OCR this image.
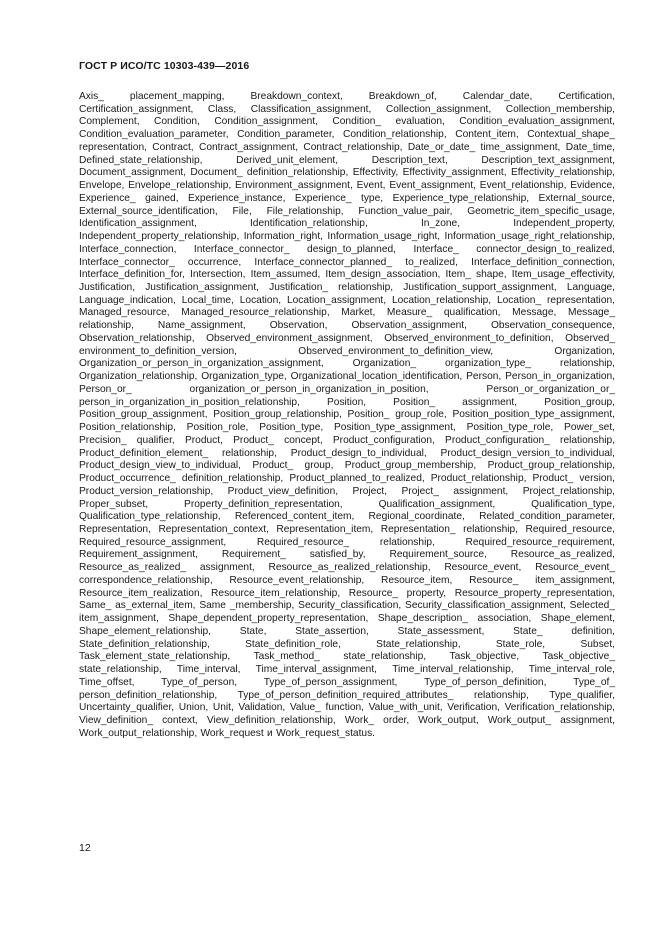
ГОСТ Р ИСО/ТС 10303-439—2016
Axis_ placement_mapping, Breakdown_context, Breakdown_of, Calendar_date, Certification, Certification_assignment, Class, Classification_assignment, Collection_assignment, Collection_membership, Complement, Condition, Condition_assignment, Condition_ evaluation, Condition_evaluation_assignment, Condition_evaluation_parameter, Condition_parameter, Condition_relationship, Content_item, Contextual_shape_ representation, Contract, Contract_assignment, Contract_relationship, Date_or_date_ time_assignment, Date_time, Defined_state_relationship, Derived_unit_element, Description_text, Description_text_assignment, Document_assignment, Document_ definition_relationship, Effectivity, Effectivity_assignment, Effectivity_relationship, Envelope, Envelope_relationship, Environment_assignment, Event, Event_assignment, Event_relationship, Evidence, Experience_ gained, Experience_instance, Experience_ type, Experience_type_relationship, External_source, External_source_identification, File, File_relationship, Function_value_pair, Geometric_item_specific_usage, Identification_assignment, Identification_relationship, In_zone, Independent_property, Independent_property_relationship, Information_right, Information_usage_right, Information_usage_right_relationship, Interface_connection, Interface_connector_ design_to_planned, Interface_ connector_design_to_realized, Interface_connector_ occurrence, Interface_connector_planned_ to_realized, Interface_definition_connection, Interface_definition_for, Intersection, Item_assumed, Item_design_association, Item_ shape, Item_usage_effectivity, Justification, Justification_assignment, Justification_ relationship, Justification_support_assignment, Language, Language_indication, Local_time, Location, Location_assignment, Location_relationship, Location_ representation, Managed_resource, Managed_resource_relationship, Market, Measure_ qualification, Message, Message_ relationship, Name_assignment, Observation, Observation_assignment, Observation_consequence, Observation_relationship, Observed_environment_assignment, Observed_environment_to_definition, Observed_ environment_to_definition_version, Observed_environment_to_definition_view, Organization, Organization_or_person_in_organization_assignment, Organization_ organization_type_ relationship, Organization_relationship, Organization_type, Organizational_location_identification, Person, Person_in_organization, Person_or_ organization_or_person_in_organization_in_position, Person_or_organization_or_ person_in_organization_in_position_relationship, Position, Position_ assignment, Position_group, Position_group_assignment, Position_group_relationship, Position_ group_role, Position_position_type_assignment, Position_relationship, Position_role, Position_type, Position_type_assignment, Position_type_role, Power_set, Precision_ qualifier, Product, Product_ concept, Product_configuration, Product_configuration_ relationship, Product_definition_element_ relationship, Product_design_to_individual, Product_design_version_to_individual, Product_design_view_to_individual, Product_ group, Product_group_membership, Product_group_relationship, Product_occurrence_ definition_relationship, Product_planned_to_realized, Product_relationship, Product_ version, Product_version_relationship, Product_view_definition, Project, Project_ assignment, Project_relationship, Proper_subset, Property_definition_representation, Qualification_assignment, Qualification_type, Qualification_type_relationship, Referenced_content_item, Regional_coordinate, Related_condition_parameter, Representation, Representation_context, Representation_item, Representation_ relationship, Required_resource, Required_resource_assignment, Required_resource_ relationship, Required_resource_requirement, Requirement_assignment, Requirement_ satisfied_by, Requirement_source, Resource_as_realized, Resource_as_realized_ assignment, Resource_as_realized_relationship, Resource_event, Resource_event_ correspondence_relationship, Resource_event_relationship, Resource_item, Resource_ item_assignment, Resource_item_realization, Resource_item_relationship, Resource_ property, Resource_property_representation, Same_ as_external_item, Same _membership, Security_classification, Security_classification_assignment, Selected_ item_assignment, Shape_dependent_property_representation, Shape_description_ association, Shape_element, Shape_element_relationship, State, State_assertion, State_assessment, State_ definition, State_definition_relationship, State_definition_role, State_relationship, State_role, Subset, Task_element_state_relationship, Task_method_ state_relationship, Task_objective, Task_objective_ state_relationship, Time_interval, Time_interval_assignment, Time_interval_relationship, Time_interval_role, Time_offset, Type_of_person, Type_of_person_assignment, Type_of_person_definition, Type_of_ person_definition_relationship, Type_of_person_definition_required_attributes_ relationship, Type_qualifier, Uncertainty_qualifier, Union, Unit, Validation, Value_ function, Value_with_unit, Verification, Verification_relationship, View_definition_ context, View_definition_relationship, Work_ order, Work_output, Work_output_ assignment, Work_output_relationship, Work_request и Work_request_status.
12
